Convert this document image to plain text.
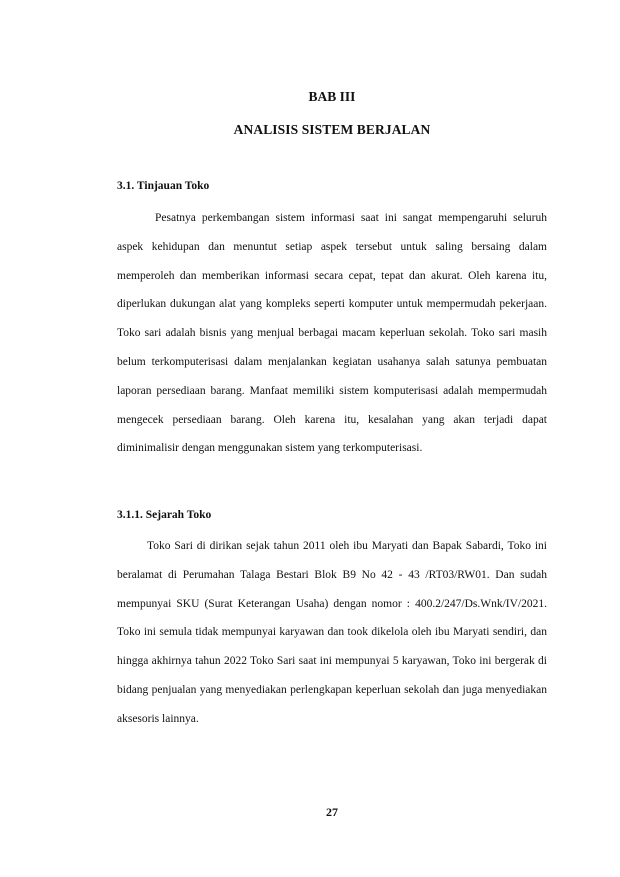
BAB III
ANALISIS SISTEM BERJALAN
3.1. Tinjauan Toko

Pesatnya perkembangan sistem informasi saat ini sangat mempengaruhi seluruh aspek kehidupan dan menuntut setiap aspek tersebut untuk saling bersaing dalam memperoleh dan memberikan informasi secara cepat, tepat dan akurat. Oleh karena itu, diperlukan dukungan alat yang kompleks seperti komputer untuk mempermudah pekerjaan. Toko sari adalah bisnis yang menjual berbagai macam keperluan sekolah. Toko sari masih belum terkomputerisasi dalam menjalankan kegiatan usahanya salah satunya pembuatan laporan persediaan barang. Manfaat memiliki sistem komputerisasi adalah mempermudah mengecek persediaan barang. Oleh karena itu, kesalahan yang akan terjadi dapat diminimalisir dengan menggunakan sistem yang terkomputerisasi.

3.1.1. Sejarah Toko

Toko Sari di dirikan sejak tahun 2011 oleh ibu Maryati dan Bapak Sabardi, Toko ini beralamat di Perumahan Talaga Bestari Blok B9 No 42 - 43 /RT03/RW01. Dan sudah mempunyai SKU (Surat Keterangan Usaha) dengan nomor : 400.2/247/Ds.Wnk/IV/2021. Toko ini semula tidak mempunyai karyawan dan took dikelola oleh ibu Maryati sendiri, dan hingga akhirnya tahun 2022 Toko Sari saat ini mempunyai 5 karyawan, Toko ini bergerak di bidang penjualan yang menyediakan perlengkapan keperluan sekolah dan juga menyediakan aksesoris lainnya.

27
